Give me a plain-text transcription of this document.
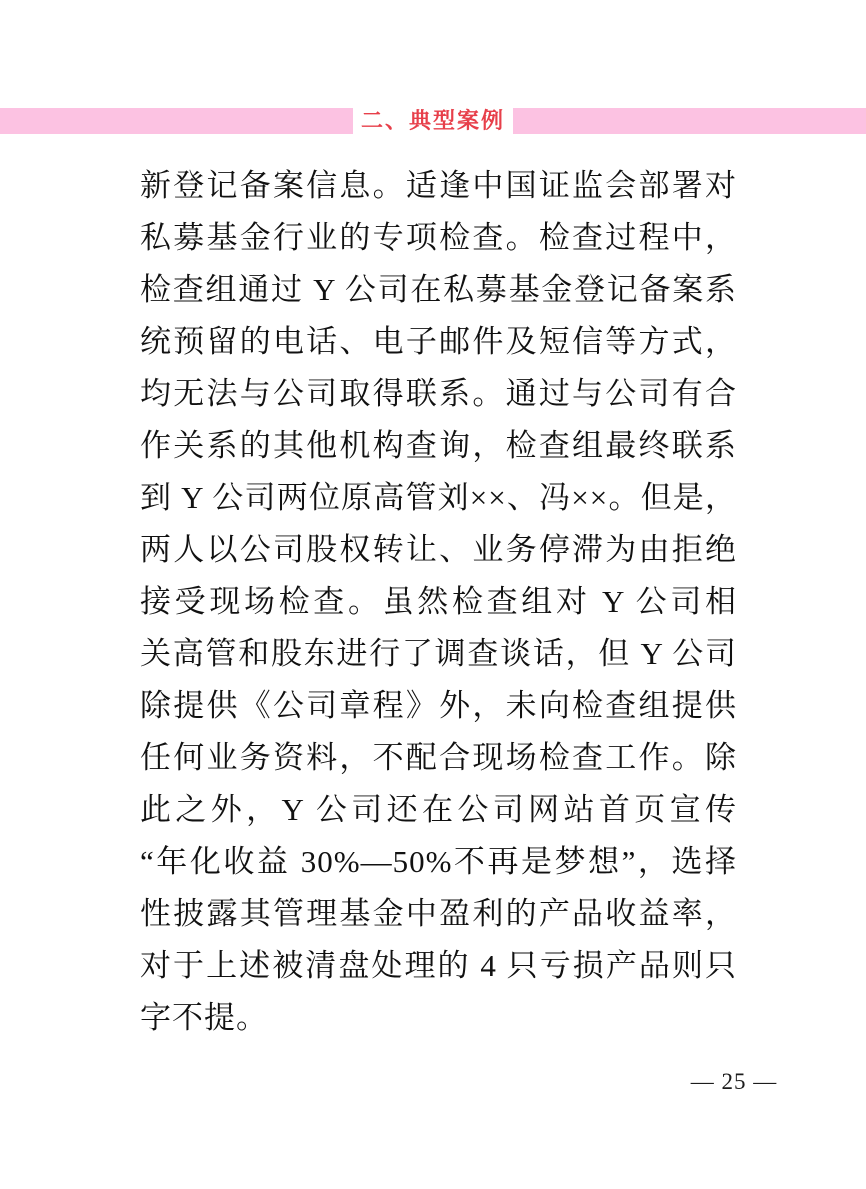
二、典型案例
新登记备案信息。适逢中国证监会部署对
私募基金行业的专项检查。检查过程中，
检查组通过 Y 公司在私募基金登记备案系
统预留的电话、电子邮件及短信等方式，
均无法与公司取得联系。通过与公司有合
作关系的其他机构查询，检查组最终联系
到 Y 公司两位原高管刘××、冯××。但是，
两人以公司股权转让、业务停滞为由拒绝
接受现场检查。虽然检查组对 Y 公司相
关高管和股东进行了调查谈话，但 Y 公司
除提供《公司章程》外，未向检查组提供
任何业务资料，不配合现场检查工作。除
此之外，Y 公司还在公司网站首页宣传
“年化收益 30%—50%不再是梦想”，选择
性披露其管理基金中盈利的产品收益率，
对于上述被清盘处理的 4 只亏损产品则只
字不提。
— 25 —
